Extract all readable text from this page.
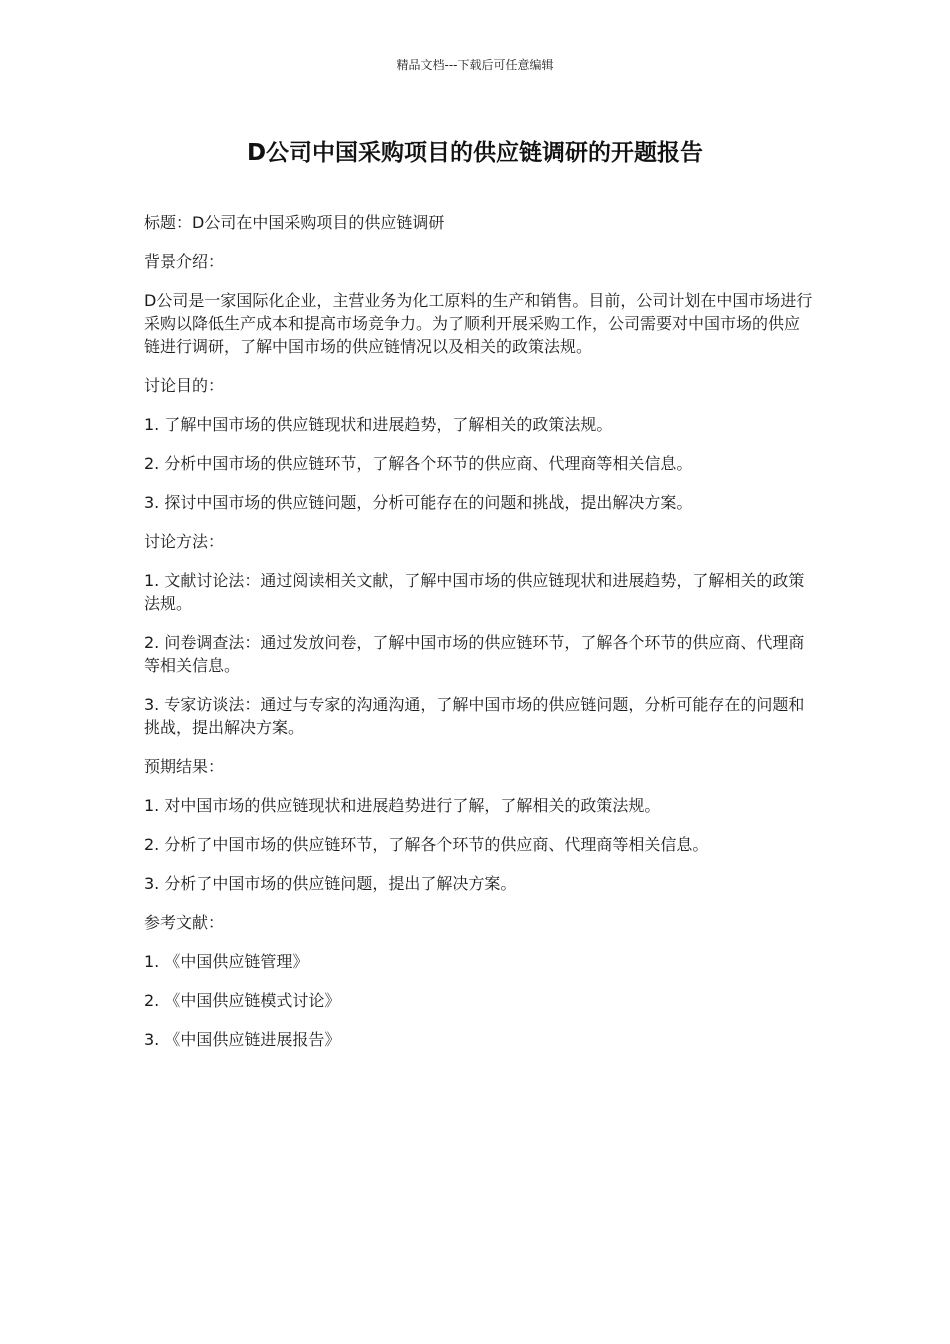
精品文档---下载后可任意编辑
D公司中国采购项目的供应链调研的开题报告

标题：D公司在中国采购项目的供应链调研

背景介绍：

D公司是一家国际化企业，主营业务为化工原料的生产和销售。目前，公司计划在中国市场进行采购以降低生产成本和提高市场竞争力。为了顺利开展采购工作，公司需要对中国市场的供应链进行调研，了解中国市场的供应链情况以及相关的政策法规。

讨论目的：

1. 了解中国市场的供应链现状和进展趋势，了解相关的政策法规。

2. 分析中国市场的供应链环节，了解各个环节的供应商、代理商等相关信息。

3. 探讨中国市场的供应链问题，分析可能存在的问题和挑战，提出解决方案。

讨论方法：

1. 文献讨论法：通过阅读相关文献，了解中国市场的供应链现状和进展趋势，了解相关的政策法规。

2. 问卷调查法：通过发放问卷，了解中国市场的供应链环节，了解各个环节的供应商、代理商等相关信息。

3. 专家访谈法：通过与专家的沟通沟通，了解中国市场的供应链问题，分析可能存在的问题和挑战，提出解决方案。

预期结果：

1. 对中国市场的供应链现状和进展趋势进行了解，了解相关的政策法规。

2. 分析了中国市场的供应链环节，了解各个环节的供应商、代理商等相关信息。

3. 分析了中国市场的供应链问题，提出了解决方案。

参考文献：

1. 《中国供应链管理》

2. 《中国供应链模式讨论》

3. 《中国供应链进展报告》
